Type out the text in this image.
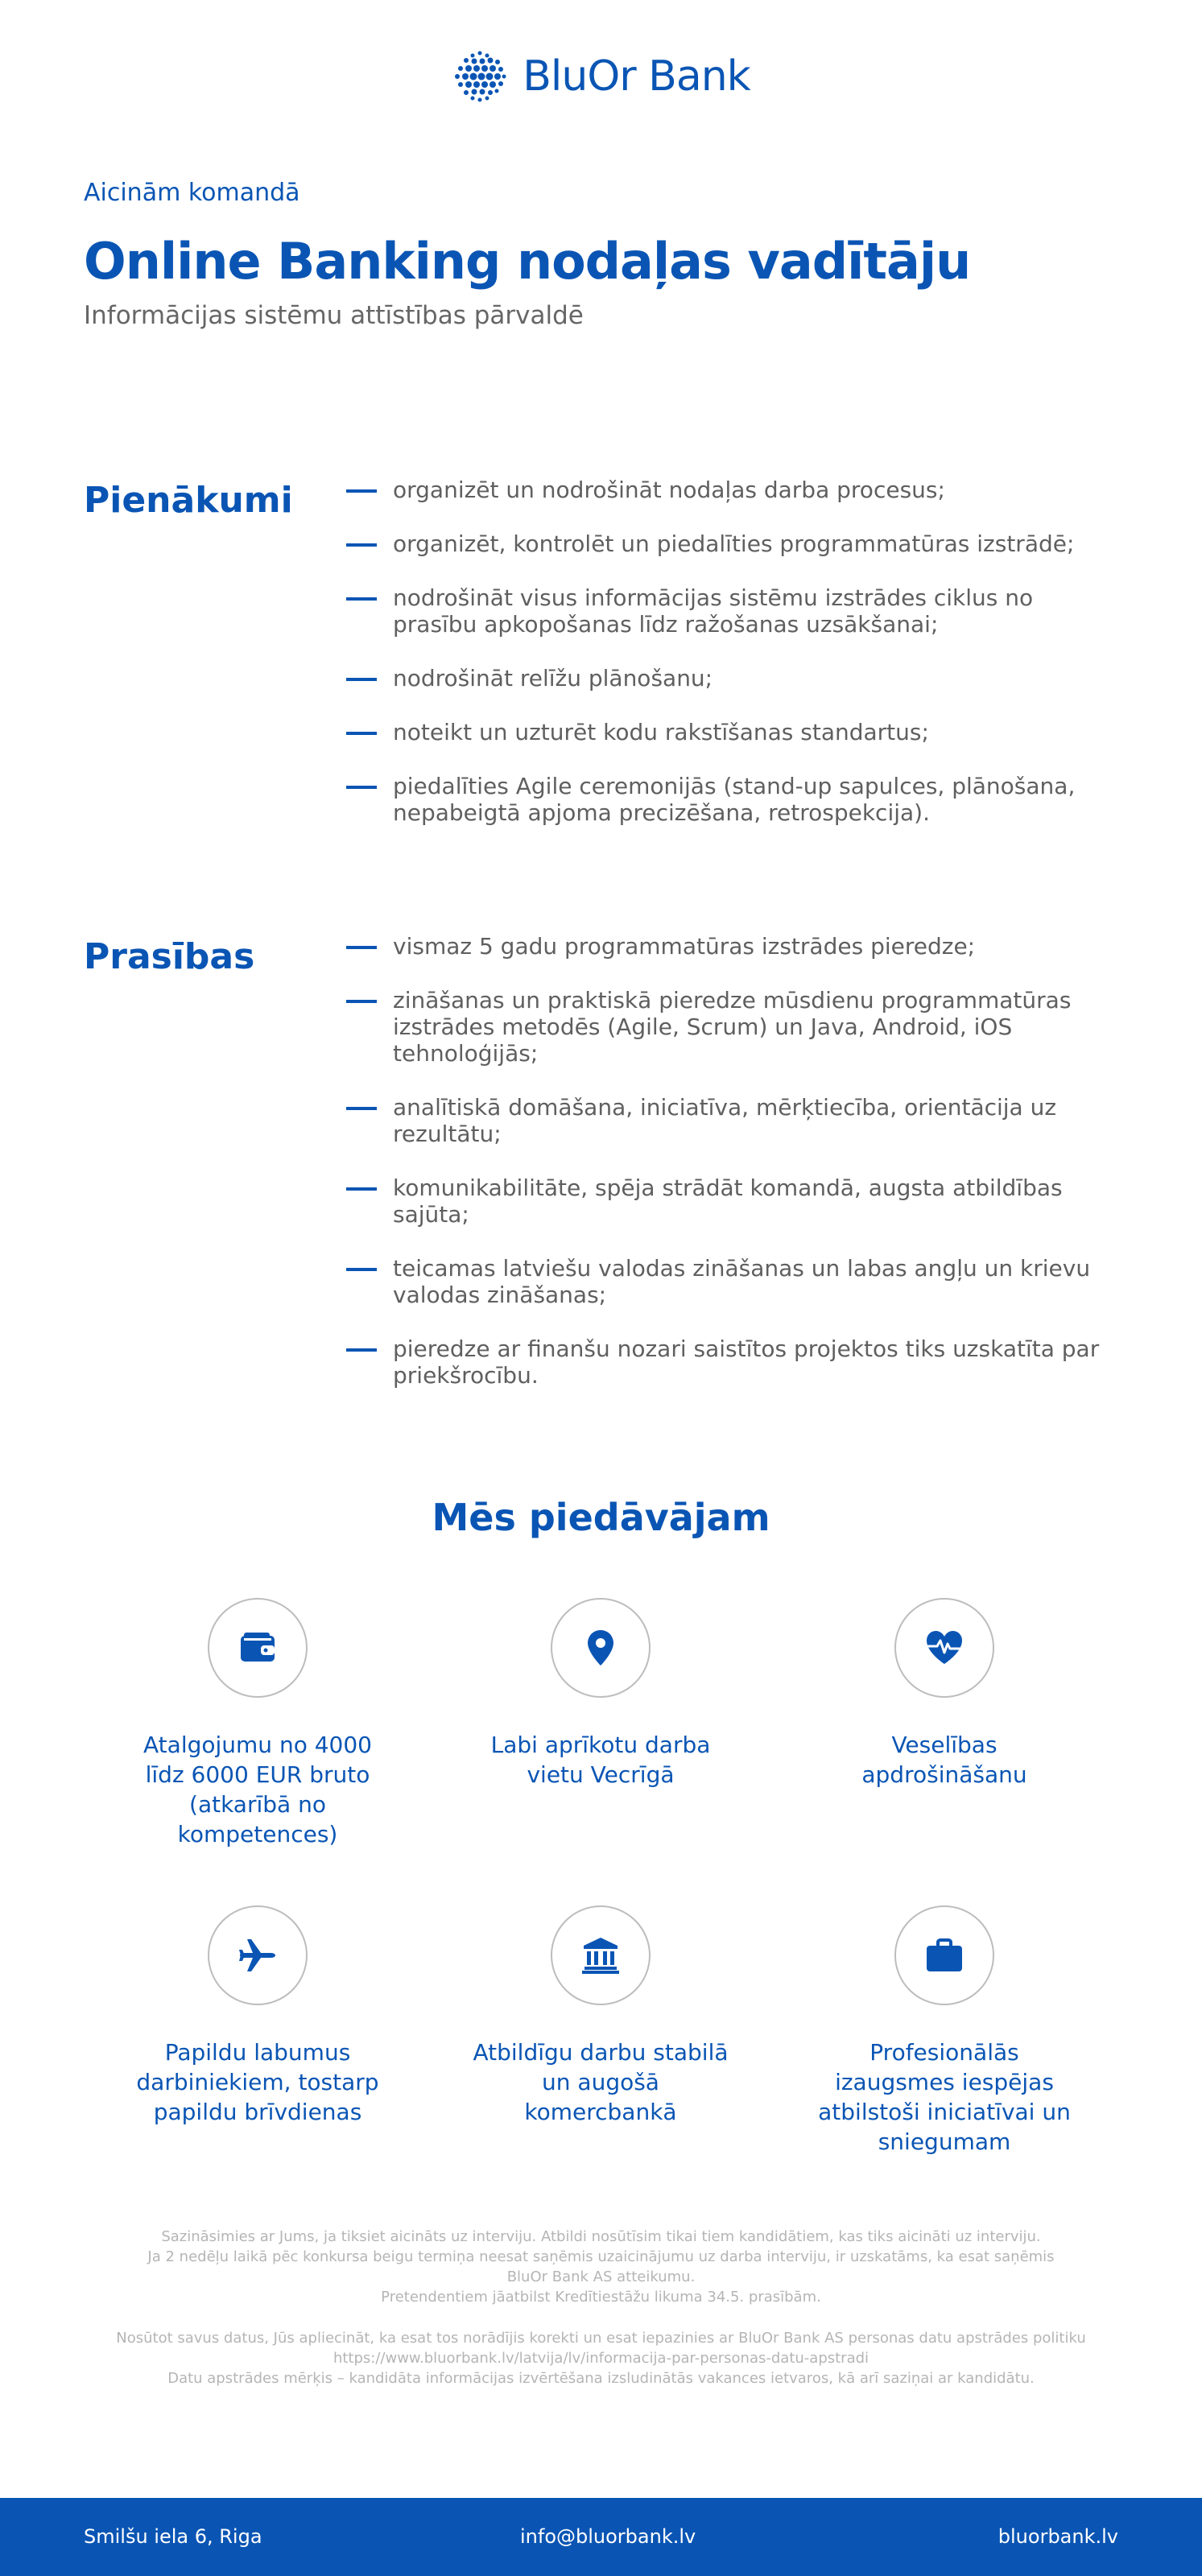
BluOr Bank
Aicinām komandā
Online Banking nodaļas vadītāju
Informācijas sistēmu attīstības pārvaldē
Pienākumi	organizēt un nodrošināt nodaļas darba procesus;
organizēt, kontrolēt un piedalīties programmatūras izstrādē;
nodrošināt visus informācijas sistēmu izstrādes ciklus no prasību apkopošanas līdz ražošanas uzsākšanai;
nodrošināt relīžu plānošanu;
noteikt un uzturēt kodu rakstīšanas standartus;
piedalīties Agile ceremonijās (stand-up sapulces, plānošana, nepabeigtā apjoma precizēšana, retrospekcija).
Prasības	vismaz 5 gadu programmatūras izstrādes pieredze;
zināšanas un praktiskā pieredze mūsdienu programmatūras izstrādes metodēs (Agile, Scrum) un Java, Android, iOS tehnoloģijās;
analītiskā domāšana, iniciatīva, mērķtiecība, orientācija uz rezultātu;
komunikabilitāte, spēja strādāt komandā, augsta atbildības sajūta;
teicamas latviešu valodas zināšanas un labas angļu un krievu valodas zināšanas;
pieredze ar finanšu nozari saistītos projektos tiks uzskatīta par priekšrocību.
Mēs piedāvājam
Atalgojumu no 4000 līdz 6000 EUR bruto (atkarībā no kompetences)
Labi aprīkotu darba vietu Vecrīgā
Veselības apdrošināšanu
Papildu labumus darbiniekiem, tostarp papildu brīvdienas
Atbildīgu darbu stabilā un augošā komercbankā
Profesionālās izaugsmes iespējas atbilstoši iniciatīvai un sniegumam
Sazināsimies ar Jums, ja tiksiet aicināts uz interviju. Atbildi nosūtīsim tikai tiem kandidātiem, kas tiks aicināti uz interviju.
Ja 2 nedēļu laikā pēc konkursa beigu termiņa neesat saņēmis uzaicinājumu uz darba interviju, ir uzskatāms, ka esat saņēmis
BluOr Bank AS atteikumu.
Pretendentiem jāatbilst Kredītiestāžu likuma 34.5. prasībām.
Nosūtot savus datus, Jūs apliecināt, ka esat tos norādījis korekti un esat iepazinies ar BluOr Bank AS personas datu apstrādes politiku
https://www.bluorbank.lv/latvija/lv/informacija-par-personas-datu-apstradi
Datu apstrādes mērķis – kandidāta informācijas izvērtēšana izsludinātās vakances ietvaros, kā arī saziņai ar kandidātu.
Smilšu iela 6, Riga	info@bluorbank.lv	bluorbank.lv
